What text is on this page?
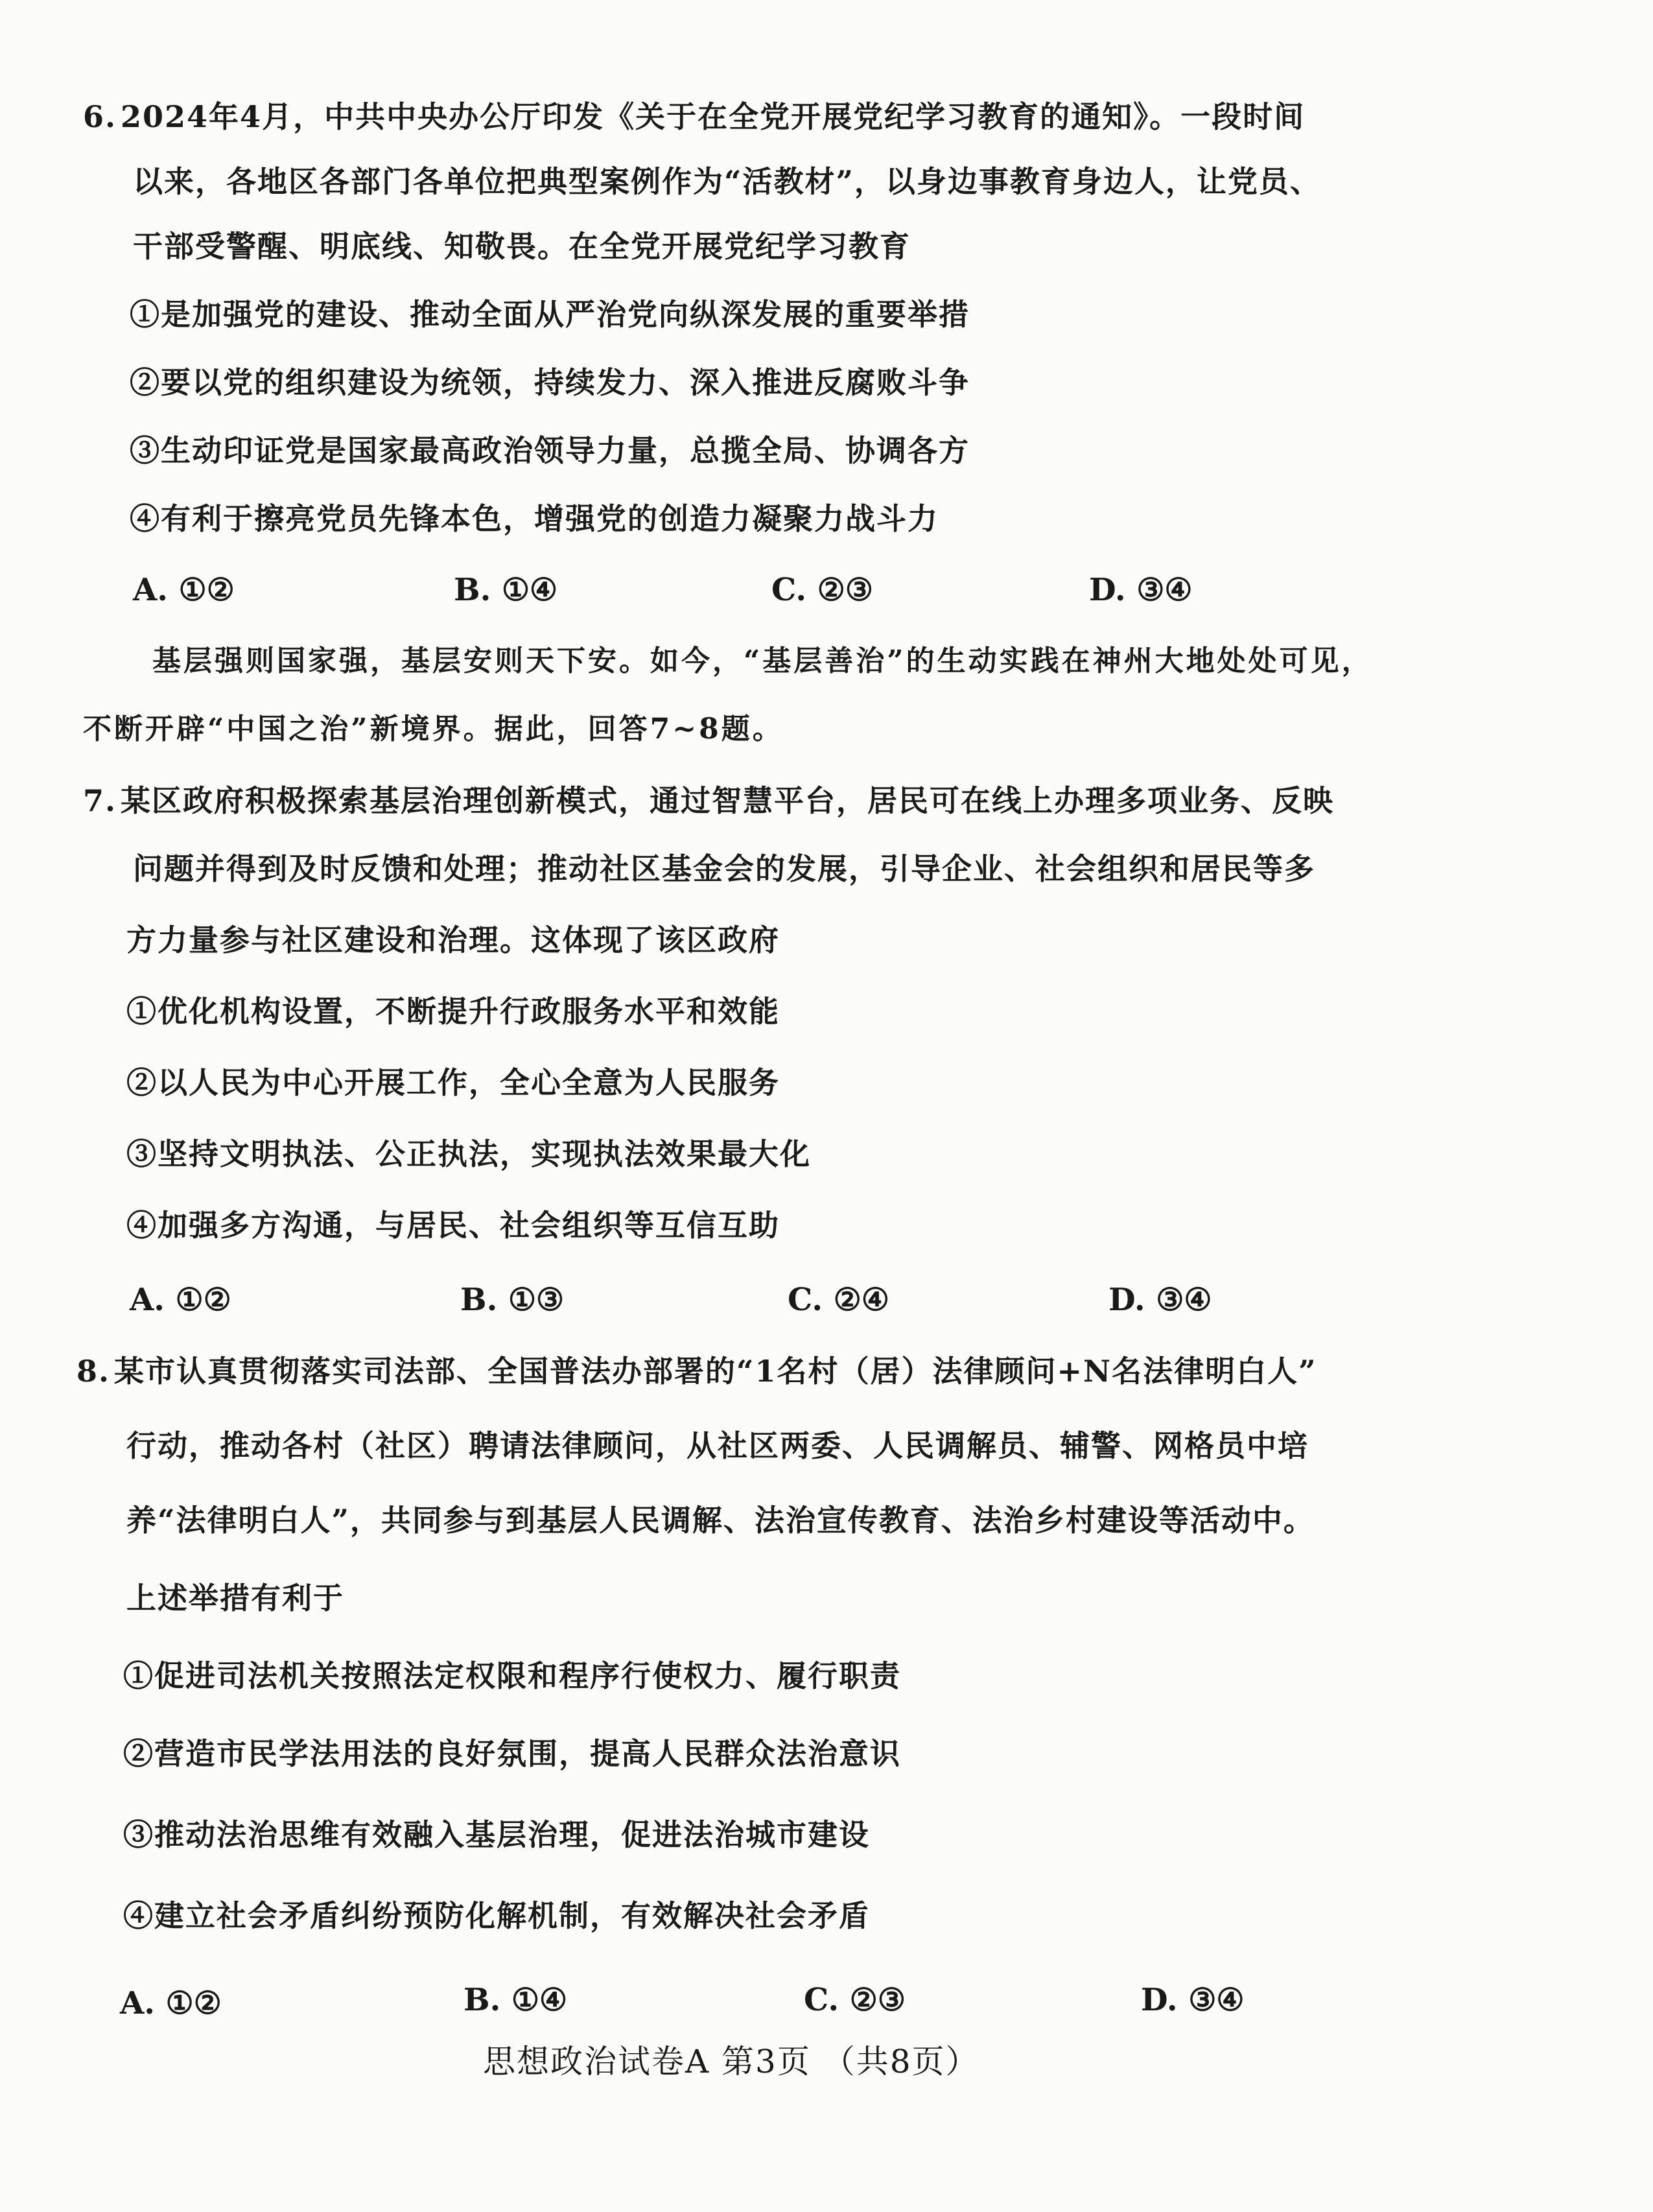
6. 2024年4月，中共中央办公厅印发《关于在全党开展党纪学习教育的通知》。一段时间
以来，各地区各部门各单位把典型案例作为“活教材”，以身边事教育身边人，让党员、
干部受警醒、明底线、知敬畏。在全党开展党纪学习教育
①是加强党的建设、推动全面从严治党向纵深发展的重要举措
②要以党的组织建设为统领，持续发力、深入推进反腐败斗争
③生动印证党是国家最高政治领导力量，总揽全局、协调各方
④有利于擦亮党员先锋本色，增强党的创造力凝聚力战斗力
A. ①②	B. ①④	C. ②③	D. ③④
基层强则国家强，基层安则天下安。如今，“基层善治”的生动实践在神州大地处处可见，
不断开辟“中国之治”新境界。据此，回答7~8题。
7. 某区政府积极探索基层治理创新模式，通过智慧平台，居民可在线上办理多项业务、反映
问题并得到及时反馈和处理；推动社区基金会的发展，引导企业、社会组织和居民等多
方力量参与社区建设和治理。这体现了该区政府
①优化机构设置，不断提升行政服务水平和效能
②以人民为中心开展工作，全心全意为人民服务
③坚持文明执法、公正执法，实现执法效果最大化
④加强多方沟通，与居民、社会组织等互信互助
A. ①②	B. ①③	C. ②④	D. ③④
8. 某市认真贯彻落实司法部、全国普法办部署的“1名村（居）法律顾问+N名法律明白人”
行动，推动各村（社区）聘请法律顾问，从社区两委、人民调解员、辅警、网格员中培
养“法律明白人”，共同参与到基层人民调解、法治宣传教育、法治乡村建设等活动中。
上述举措有利于
①促进司法机关按照法定权限和程序行使权力、履行职责
②营造市民学法用法的良好氛围，提高人民群众法治意识
③推动法治思维有效融入基层治理，促进法治城市建设
④建立社会矛盾纠纷预防化解机制，有效解决社会矛盾
A. ①②	B. ①④	C. ②③	D. ③④
思想政治试卷A 第3页 （共8页）
